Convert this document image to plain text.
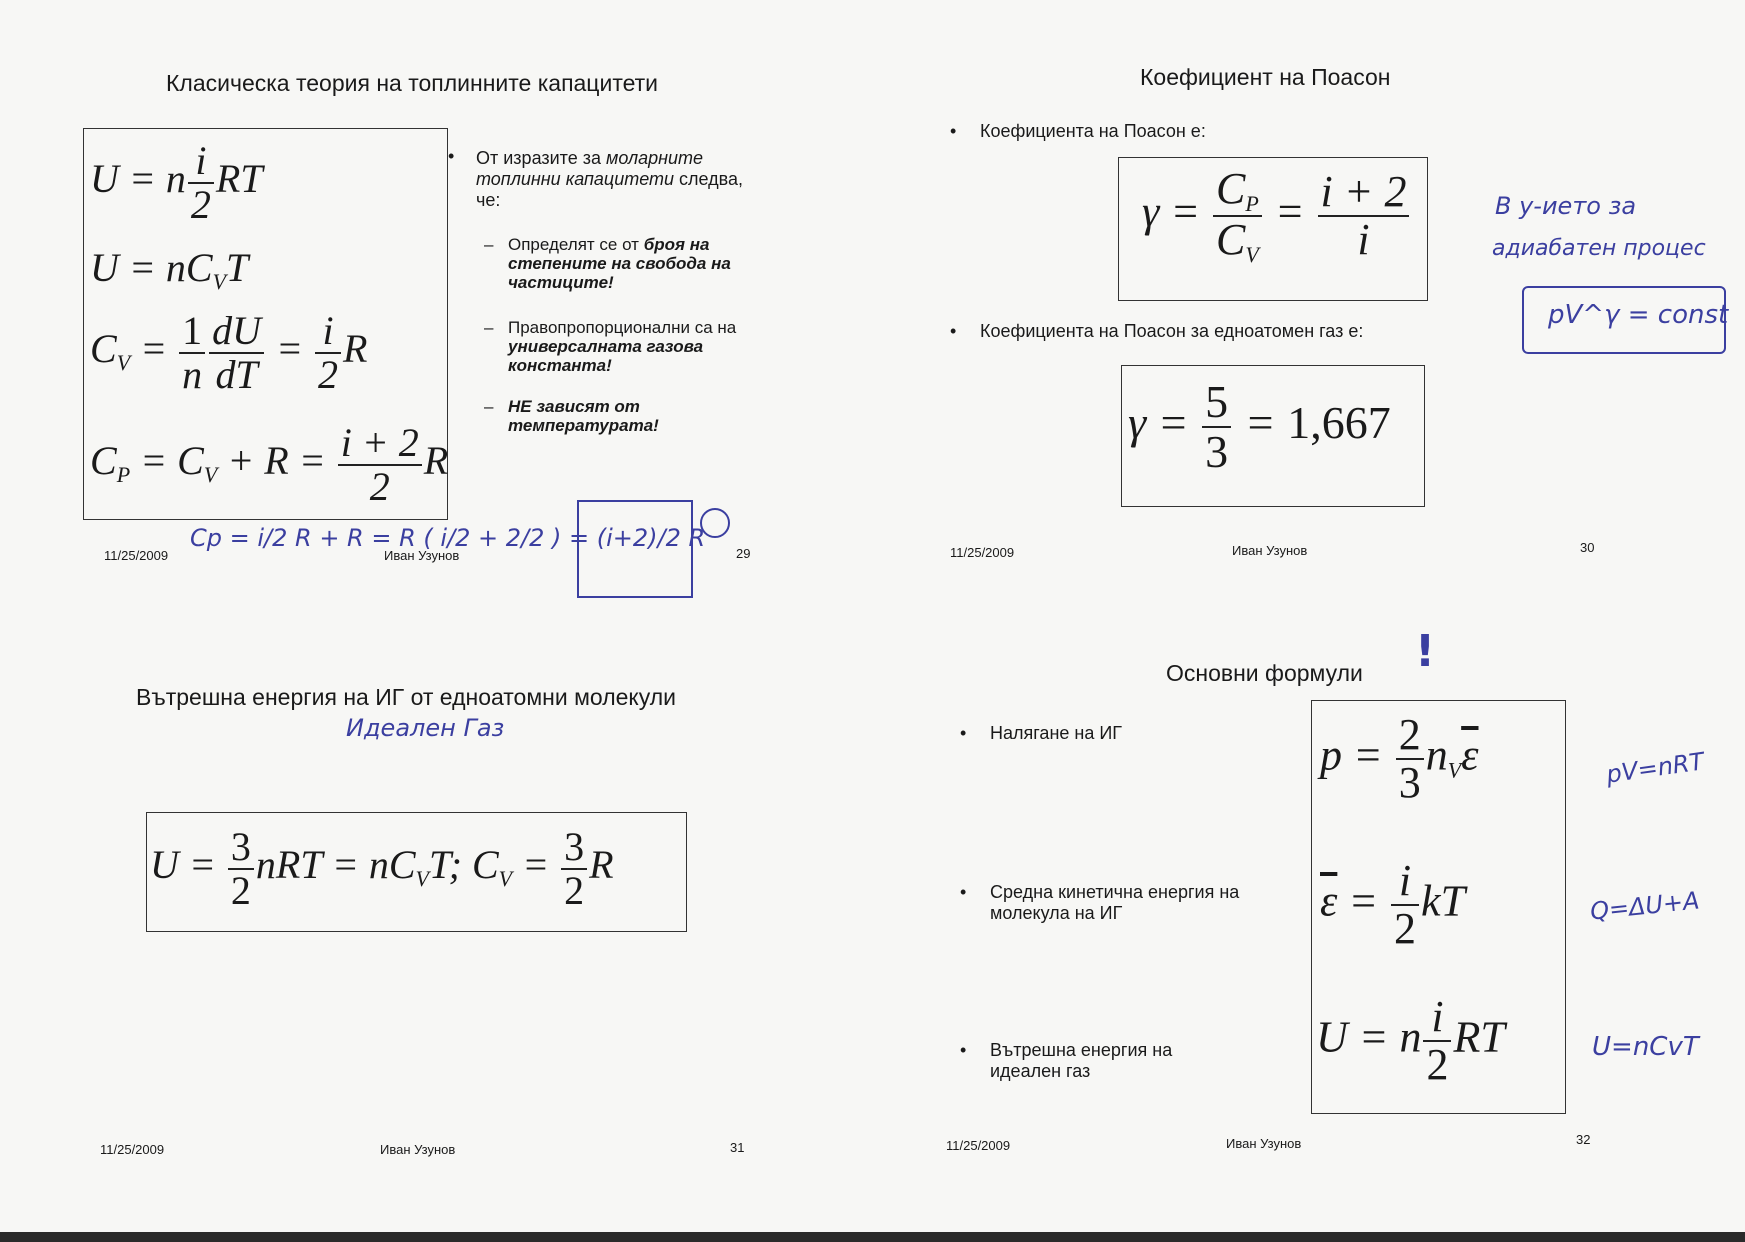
Класическа теория на топлинните капацитети
U = n $\frac{i}{2}$ RT
$U = nC_VT$
$C_V = \frac{1}{n} \frac{dU}{dT} = \frac{i}{2}$ R
$C_P = C_V + R = \frac{i + 2}{2}$ R
• От изразите за моларните топлинни капацитети следва, че:
– Определят се от броя на степените на свобода на частиците!
– Правопропорционални са на универсалната газова константа!
– НЕ зависят от температурата!
11/25/2009	Иван Узунов	29
Cp = i/2 R + R = R ( i/2 + 2/2 ) = (i+2)/2 R
Коефициент на Поасон
• Коефициента на Поасон е:
$\gamma = \frac{C_P}{C_V} = \frac{i + 2}{i}$
• Коефициента на Поасон за едноатомен газ е:
$\gamma = \frac{5}{3} = 1,667$
11/25/2009	Иван Узунов	30
В у-ието за
адиабатен процес
pV^γ = const
Вътрешна енергия на ИГ от едноатомни молекули
Идеален Газ
$U = \frac{3}{2}$ nRT = $nC_VT$; $C_V = \frac{3}{2}$ R
11/25/2009	Иван Узунов	31
Основни формули !
• Налягане на ИГ
• Средна кинетична енергия на молекула на ИГ
• Вътрешна енергия на идеален газ
$p = \frac{2}{3} n_V\overline{\varepsilon}$
$\overline{\varepsilon} = \frac{i}{2}$ kT
U = n $\frac{i}{2}$ RT
pV=nRT
Q=ΔU+A
U=nCvT
11/25/2009	Иван Узунов	32
